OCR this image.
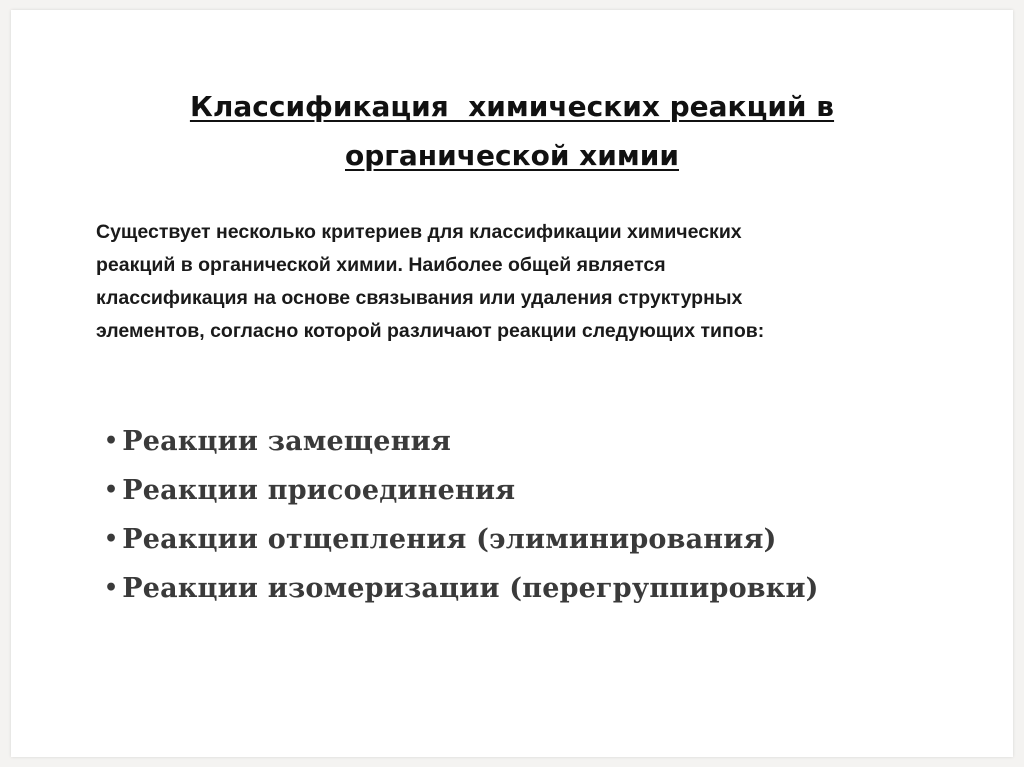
Классификация  химических реакций в
органической химии

Существует несколько критериев для классификации химических
реакций в органической химии. Наиболее общей является
классификация на основе связывания или удаления структурных
элементов, согласно которой различают реакции следующих типов:

• Реакции замещения
• Реакции присоединения
• Реакции отщепления (элиминирования)
• Реакции изомеризации (перегруппировки)
